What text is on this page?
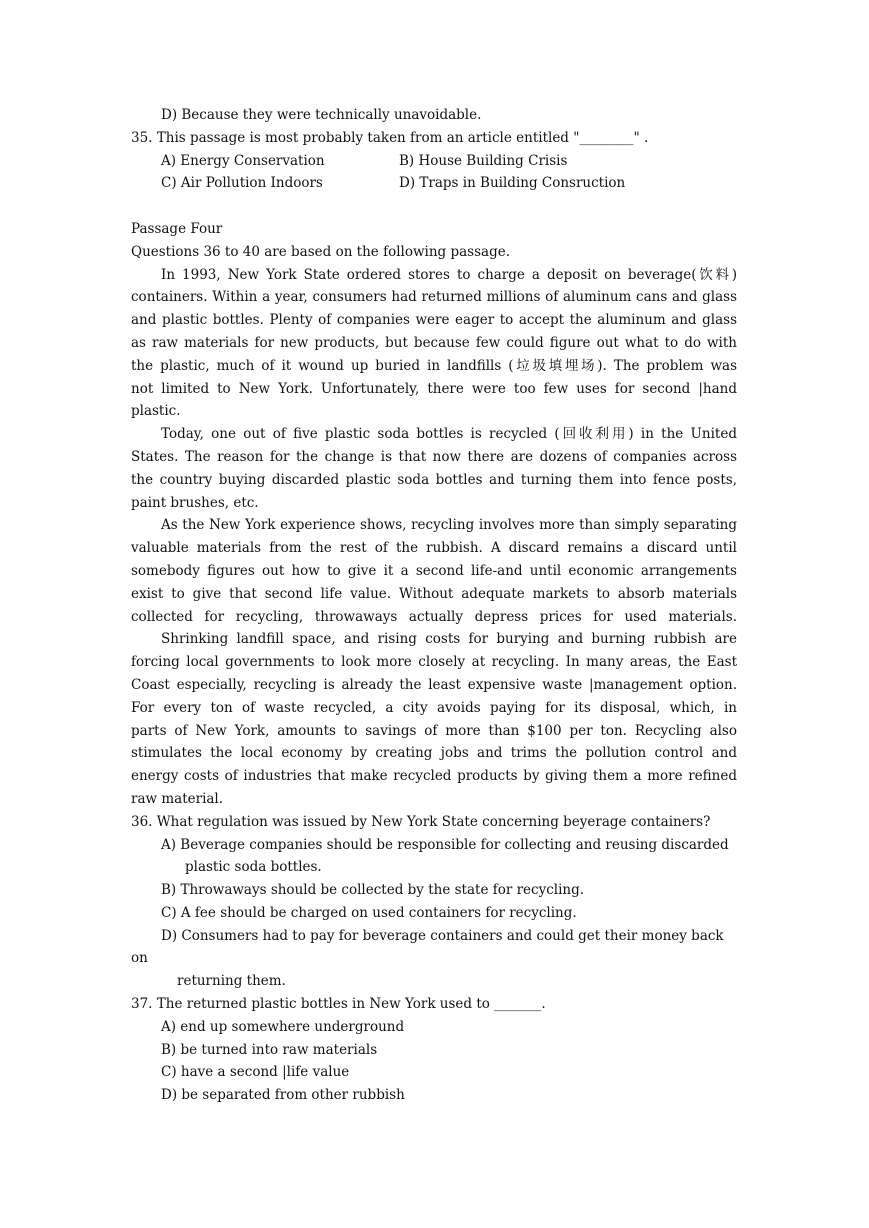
D) Because they were technically unavoidable.
35. This passage is most probably taken from an article entitled "________" .
A) Energy Conservation	B) House Building Crisis
C) Air Pollution Indoors	D) Traps in Building Consruction
Passage Four
Questions 36 to 40 are based on the following passage.
In 1993, New York State ordered stores to charge a deposit on beverage(饮料)
containers. Within a year, consumers had returned millions of aluminum cans and glass
and plastic bottles. Plenty of companies were eager to accept the aluminum and glass
as raw materials for new products, but because few could figure out what to do with
the plastic, much of it wound up buried in landfills (垃圾填埋场). The problem was
not limited to New York. Unfortunately, there were too few uses for second |hand
plastic.
Today, one out of five plastic soda bottles is recycled (回收利用) in the United
States. The reason for the change is that now there are dozens of companies across
the country buying discarded plastic soda bottles and turning them into fence posts,
paint brushes, etc.
As the New York experience shows, recycling involves more than simply separating
valuable materials from the rest of the rubbish. A discard remains a discard until
somebody figures out how to give it a second life-and until economic arrangements
exist to give that second life value. Without adequate markets to absorb materials
collected for recycling, throwaways actually depress prices for used materials.
Shrinking landfill space, and rising costs for burying and burning rubbish are
forcing local governments to look more closely at recycling. In many areas, the East
Coast especially, recycling is already the least expensive waste |management option.
For every ton of waste recycled, a city avoids paying for its disposal, which, in
parts of New York, amounts to savings of more than $100 per ton. Recycling also
stimulates the local economy by creating jobs and trims the pollution control and
energy costs of industries that make recycled products by giving them a more refined
raw material.
36. What regulation was issued by New York State concerning beyerage containers?
A) Beverage companies should be responsible for collecting and reusing discarded
plastic soda bottles.
B) Throwaways should be collected by the state for recycling.
C) A fee should be charged on used containers for recycling.
D) Consumers had to pay for beverage containers and could get their money back
on
returning them.
37. The returned plastic bottles in New York used to _______.
A) end up somewhere underground
B) be turned into raw materials
C) have a second |life value
D) be separated from other rubbish
